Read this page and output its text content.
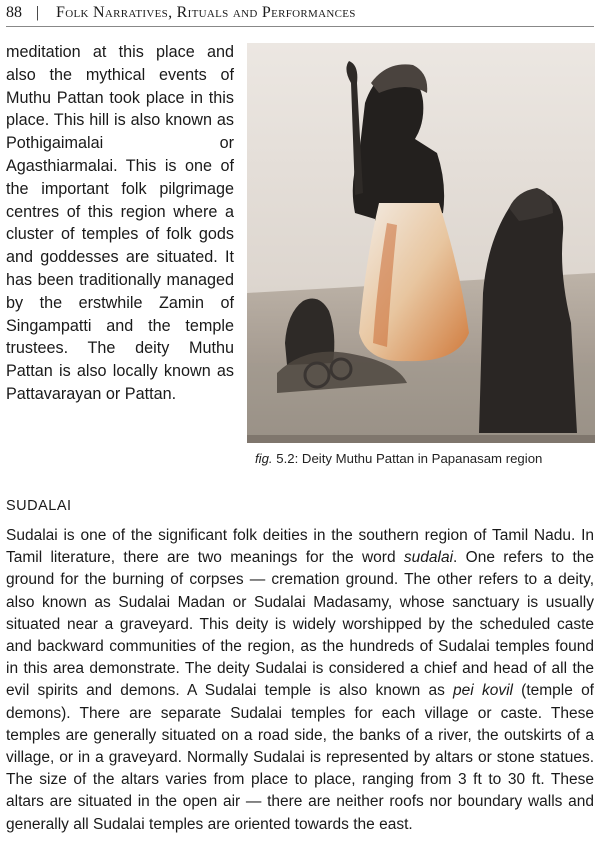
88 | Folk Narratives, Rituals and Performances

meditation at this place and also the mythical events of Muthu Pattan took place in this place. This hill is also known as Pothigaimalai or Agasthiarmalai. This is one of the important folk pilgrimage centres of this region where a cluster of temples of folk gods and goddesses are situated. It has been traditionally managed by the erstwhile Zamin of Singampatti and the temple trustees. The deity Muthu Pattan is also locally known as Pattavarayan or Pattan.

fig. 5.2: Deity Muthu Pattan in Papanasam region
SUDALAI

Sudalai is one of the significant folk deities in the southern region of Tamil Nadu. In Tamil literature, there are two meanings for the word sudalai. One refers to the ground for the burning of corpses — cremation ground. The other refers to a deity, also known as Sudalai Madan or Sudalai Madasamy, whose sanctuary is usually situated near a graveyard. This deity is widely worshipped by the scheduled caste and backward communities of the region, as the hundreds of Sudalai temples found in this area demonstrate. The deity Sudalai is considered a chief and head of all the evil spirits and demons. A Sudalai temple is also known as pei kovil (temple of demons). There are separate Sudalai temples for each village or caste. These temples are generally situated on a road side, the banks of a river, the outskirts of a village, or in a graveyard. Normally Sudalai is represented by altars or stone statues. The size of the altars varies from place to place, ranging from 3 ft to 30 ft. These altars are situated in the open air — there are neither roofs nor boundary walls and generally all Sudalai temples are oriented towards the east.
